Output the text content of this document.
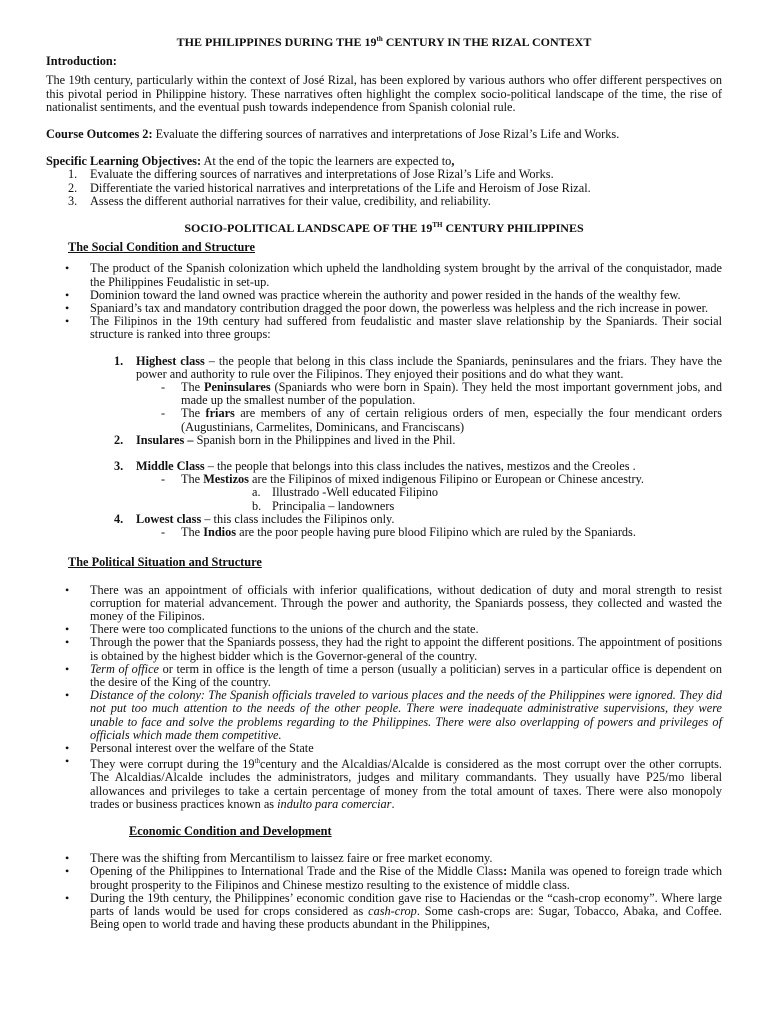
THE PHILIPPINES DURING THE 19th CENTURY IN THE RIZAL CONTEXT
Introduction:

The 19th century, particularly within the context of José Rizal, has been explored by various authors who offer different perspectives on this pivotal period in Philippine history. These narratives often highlight the complex socio-political landscape of the time, the rise of nationalist sentiments, and the eventual push towards independence from Spanish colonial rule.

Course Outcomes 2: Evaluate the differing sources of narratives and interpretations of Jose Rizal’s Life and Works.

Specific Learning Objectives: At the end of the topic the learners are expected to,

1. Evaluate the differing sources of narratives and interpretations of Jose Rizal’s Life and Works.
2. Differentiate the varied historical narratives and interpretations of the Life and Heroism of Jose Rizal.
3. Assess the different authorial narratives for their value, credibility, and reliability.
SOCIO-POLITICAL LANDSCAPE OF THE 19TH CENTURY PHILIPPINES
The Social Condition and Structure
• The product of the Spanish colonization which upheld the landholding system brought by the arrival of the conquistador, made the Philippines Feudalistic in set-up.
• Dominion toward the land owned was practice wherein the authority and power resided in the hands of the wealthy few.
• Spaniard’s tax and mandatory contribution dragged the poor down, the powerless was helpless and the rich increase in power.
• The Filipinos in the 19th century had suffered from feudalistic and master slave relationship by the Spaniards. Their social structure is ranked into three groups:
1. Highest class – the people that belong in this class include the Spaniards, peninsulares and the friars. They have the power and authority to rule over the Filipinos. They enjoyed their positions and do what they want.
- The Peninsulares (Spaniards who were born in Spain). They held the most important government jobs, and made up the smallest number of the population.
- The friars are members of any of certain religious orders of men, especially the four mendicant orders (Augustinians, Carmelites, Dominicans, and Franciscans)
2. Insulares – Spanish born in the Philippines and lived in the Phil.
3. Middle Class – the people that belongs into this class includes the natives, mestizos and the Creoles .
- The Mestizos are the Filipinos of mixed indigenous Filipino or European or Chinese ancestry.
a. Illustrado -Well educated Filipino
b. Principalia – landowners
4. Lowest class – this class includes the Filipinos only.
- The Indios are the poor people having pure blood Filipino which are ruled by the Spaniards.
The Political Situation and Structure
• There was an appointment of officials with inferior qualifications, without dedication of duty and moral strength to resist corruption for material advancement. Through the power and authority, the Spaniards possess, they collected and wasted the money of the Filipinos.
• There were too complicated functions to the unions of the church and the state.
• Through the power that the Spaniards possess, they had the right to appoint the different positions. The appointment of positions is obtained by the highest bidder which is the Governor-general of the country.
• Term of office or term in office is the length of time a person (usually a politician) serves in a particular office is dependent on the desire of the King of the country.
• Distance of the colony: The Spanish officials traveled to various places and the needs of the Philippines were ignored. They did not put too much attention to the needs of the other people. There were inadequate administrative supervisions, they were unable to face and solve the problems regarding to the Philippines. There were also overlapping of powers and privileges of officials which made them competitive.
• Personal interest over the welfare of the State
• They were corrupt during the 19thcentury and the Alcaldias/Alcalde is considered as the most corrupt over the other corrupts. The Alcaldias/Alcalde includes the administrators, judges and military commandants. They usually have P25/mo liberal allowances and privileges to take a certain percentage of money from the total amount of taxes. There were also monopoly trades or business practices known as indulto para comerciar.
Economic Condition and Development
• There was the shifting from Mercantilism to laissez faire or free market economy.
• Opening of the Philippines to International Trade and the Rise of the Middle Class: Manila was opened to foreign trade which brought prosperity to the Filipinos and Chinese mestizo resulting to the existence of middle class.
• During the 19th century, the Philippines’ economic condition gave rise to Haciendas or the “cash-crop economy”. Where large parts of lands would be used for crops considered as cash-crop. Some cash-crops are: Sugar, Tobacco, Abaka, and Coffee. Being open to world trade and having these products abundant in the Philippines,
